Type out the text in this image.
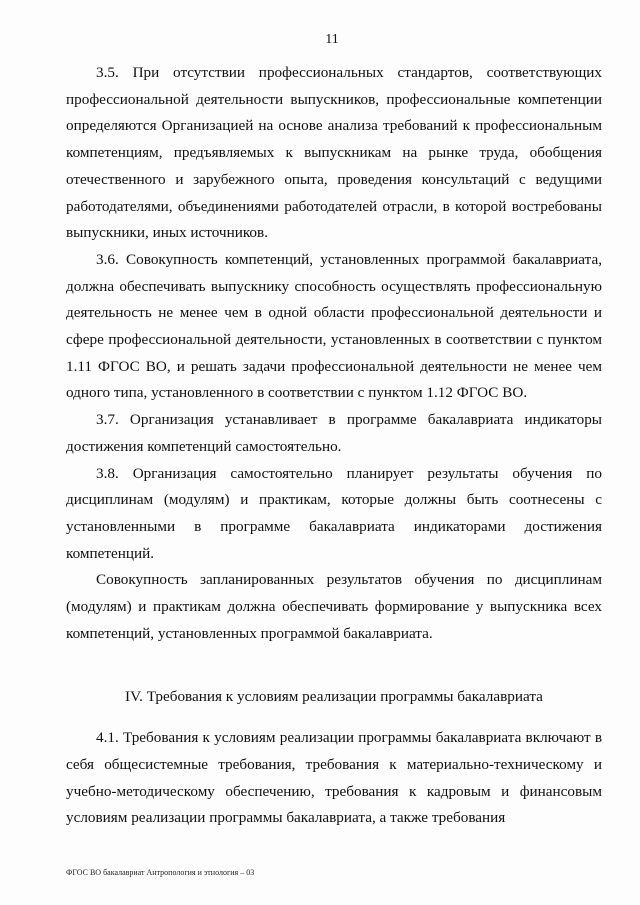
11

3.5. При отсутствии профессиональных стандартов, соответствующих профессиональной деятельности выпускников, профессиональные компетенции определяются Организацией на основе анализа требований к профессиональным компетенциям, предъявляемых к выпускникам на рынке труда, обобщения отечественного и зарубежного опыта, проведения консультаций с ведущими работодателями, объединениями работодателей отрасли, в которой востребованы выпускники, иных источников.

3.6. Совокупность компетенций, установленных программой бакалавриата, должна обеспечивать выпускнику способность осуществлять профессиональную деятельность не менее чем в одной области профессиональной деятельности и сфере профессиональной деятельности, установленных в соответствии с пунктом 1.11 ФГОС ВО, и решать задачи профессиональной деятельности не менее чем одного типа, установленного в соответствии с пунктом 1.12 ФГОС ВО.

3.7. Организация устанавливает в программе бакалавриата индикаторы достижения компетенций самостоятельно.

3.8. Организация самостоятельно планирует результаты обучения по дисциплинам (модулям) и практикам, которые должны быть соотнесены с установленными в программе бакалавриата индикаторами достижения компетенций.

Совокупность запланированных результатов обучения по дисциплинам (модулям) и практикам должна обеспечивать формирование у выпускника всех компетенций, установленных программой бакалавриата.

IV. Требования к условиям реализации программы бакалавриата

4.1. Требования к условиям реализации программы бакалавриата включают в себя общесистемные требования, требования к материально-техническому и учебно-методическому обеспечению, требования к кадровым и финансовым условиям реализации программы бакалавриата, а также требования

ФГОС ВО бакалавриат Антропология и этнология – 03
